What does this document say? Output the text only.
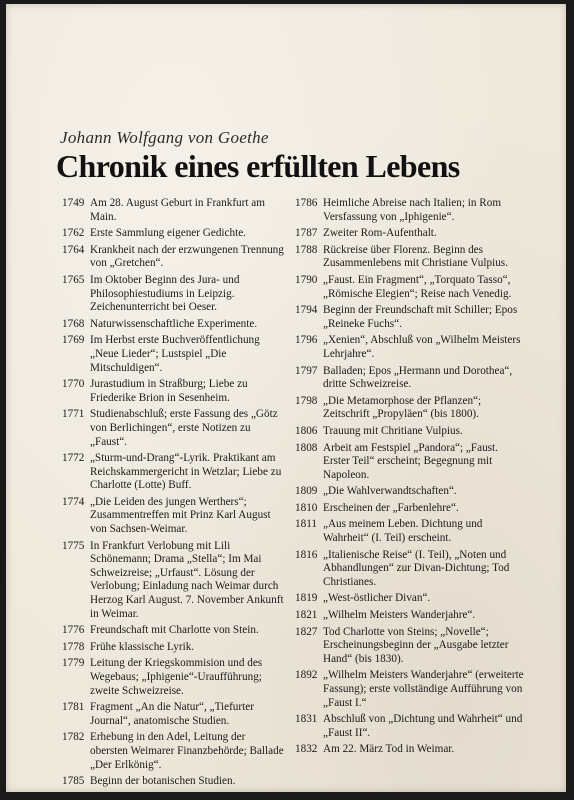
Johann Wolfgang von Goethe
Chronik eines erfüllten Lebens
1749 Am 28. August Geburt in Frankfurt am Main.
1762 Erste Sammlung eigener Gedichte.
1764 Krankheit nach der erzwungenen Trennung von „Gretchen“.
1765 Im Oktober Beginn des Jura- und Philosophiestudiums in Leipzig. Zeichenunterricht bei Oeser.
1768 Naturwissenschaftliche Experimente.
1769 Im Herbst erste Buchveröffentlichung „Neue Lieder“; Lustspiel „Die Mitschuldigen“.
1770 Jurastudium in Straßburg; Liebe zu Friederike Brion in Sesenheim.
1771 Studienabschluß; erste Fassung des „Götz von Berlichingen“, erste Notizen zu „Faust“.
1772 „Sturm-und-Drang“-Lyrik. Praktikant am Reichskammergericht in Wetzlar; Liebe zu Charlotte (Lotte) Buff.
1774 „Die Leiden des jungen Werthers“; Zusammentreffen mit Prinz Karl August von Sachsen-Weimar.
1775 In Frankfurt Verlobung mit Lili Schönemann; Drama „Stella“; Im Mai Schweizreise; „Urfaust“. Lösung der Verlobung; Einladung nach Weimar durch Herzog Karl August. 7. November Ankunft in Weimar.
1776 Freundschaft mit Charlotte von Stein.
1778 Frühe klassische Lyrik.
1779 Leitung der Kriegskommision und des Wegebaus; „Iphigenie“-Uraufführung; zweite Schweizreise.
1781 Fragment „An die Natur“, „Tiefurter Journal“, anatomische Studien.
1782 Erhebung in den Adel, Leitung der obersten Weimarer Finanzbehörde; Ballade „Der Erlkönig“.
1785 Beginn der botanischen Studien.
1786 Heimliche Abreise nach Italien; in Rom Versfassung von „Iphigenie“.
1787 Zweiter Rom-Aufenthalt.
1788 Rückreise über Florenz. Beginn des Zusammenlebens mit Christiane Vulpius.
1790 „Faust. Ein Fragment“, „Torquato Tasso“, „Römische Elegien“; Reise nach Venedig.
1794 Beginn der Freundschaft mit Schiller; Epos „Reineke Fuchs“.
1796 „Xenien“, Abschluß von „Wilhelm Meisters Lehrjahre“.
1797 Balladen; Epos „Hermann und Dorothea“, dritte Schweizreise.
1798 „Die Metamorphose der Pflanzen“; Zeitschrift „Propyläen“ (bis 1800).
1806 Trauung mit Chritiane Vulpius.
1808 Arbeit am Festspiel „Pandora“; „Faust. Erster Teil“ erscheint; Begegnung mit Napoleon.
1809 „Die Wahlverwandtschaften“.
1810 Erscheinen der „Farbenlehre“.
1811 „Aus meinem Leben. Dichtung und Wahrheit“ (I. Teil) erscheint.
1816 „Italienische Reise“ (I. Teil), „Noten und Abhandlungen“ zur Divan-Dichtung; Tod Christianes.
1819 „West-östlicher Divan“.
1821 „Wilhelm Meisters Wanderjahre“.
1827 Tod Charlotte von Steins; „Novelle“; Erscheinungsbeginn der „Ausgabe letzter Hand“ (bis 1830).
1892 „Wilhelm Meisters Wanderjahre“ (erweiterte Fassung); erste vollständige Aufführung von „Faust I.“
1831 Abschluß von „Dichtung und Wahrheit“ und „Faust II“.
1832 Am 22. März Tod in Weimar.
